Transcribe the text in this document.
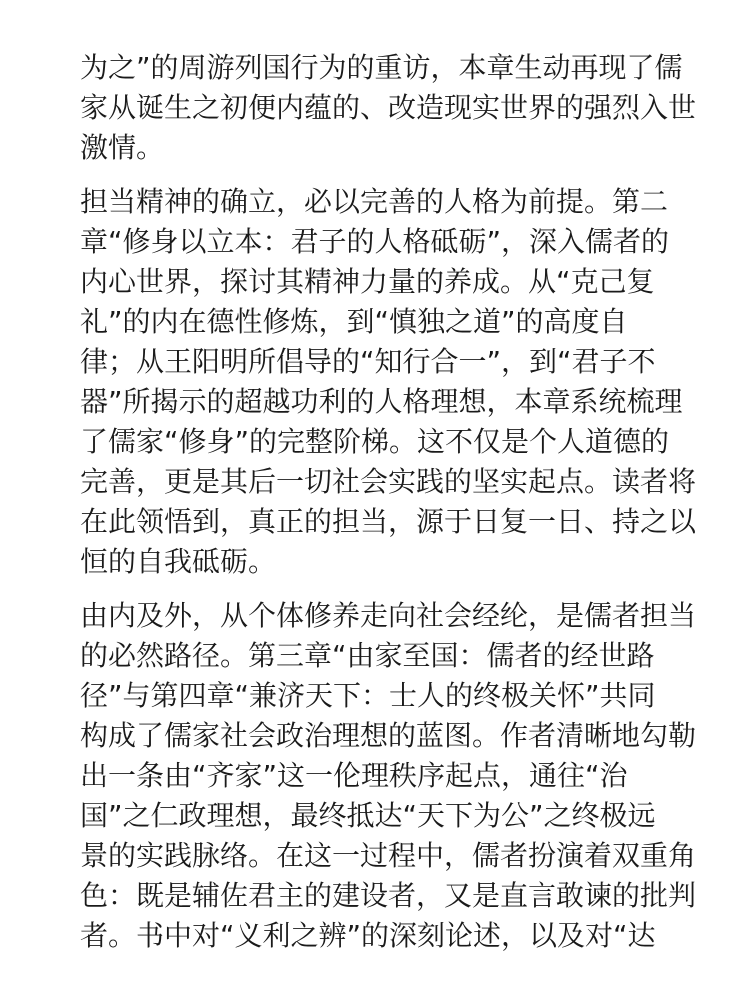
为之”的周游列国行为的重访，本章生动再现了儒
家从诞生之初便内蕴的、改造现实世界的强烈入世
激情。
担当精神的确立，必以完善的人格为前提。第二
章“修身以立本：君子的人格砥砺”，深入儒者的
内心世界，探讨其精神力量的养成。从“克己复
礼”的内在德性修炼，到“慎独之道”的高度自
律；从王阳明所倡导的“知行合一”，到“君子不
器”所揭示的超越功利的人格理想，本章系统梳理
了儒家“修身”的完整阶梯。这不仅是个人道德的
完善，更是其后一切社会实践的坚实起点。读者将
在此领悟到，真正的担当，源于日复一日、持之以
恒的自我砥砺。
由内及外，从个体修养走向社会经纶，是儒者担当
的必然路径。第三章“由家至国：儒者的经世路
径”与第四章“兼济天下：士人的终极关怀”共同
构成了儒家社会政治理想的蓝图。作者清晰地勾勒
出一条由“齐家”这一伦理秩序起点，通往“治
国”之仁政理想，最终抵达“天下为公”之终极远
景的实践脉络。在这一过程中，儒者扮演着双重角
色：既是辅佐君主的建设者，又是直言敢谏的批判
者。书中对“义利之辨”的深刻论述，以及对“达
